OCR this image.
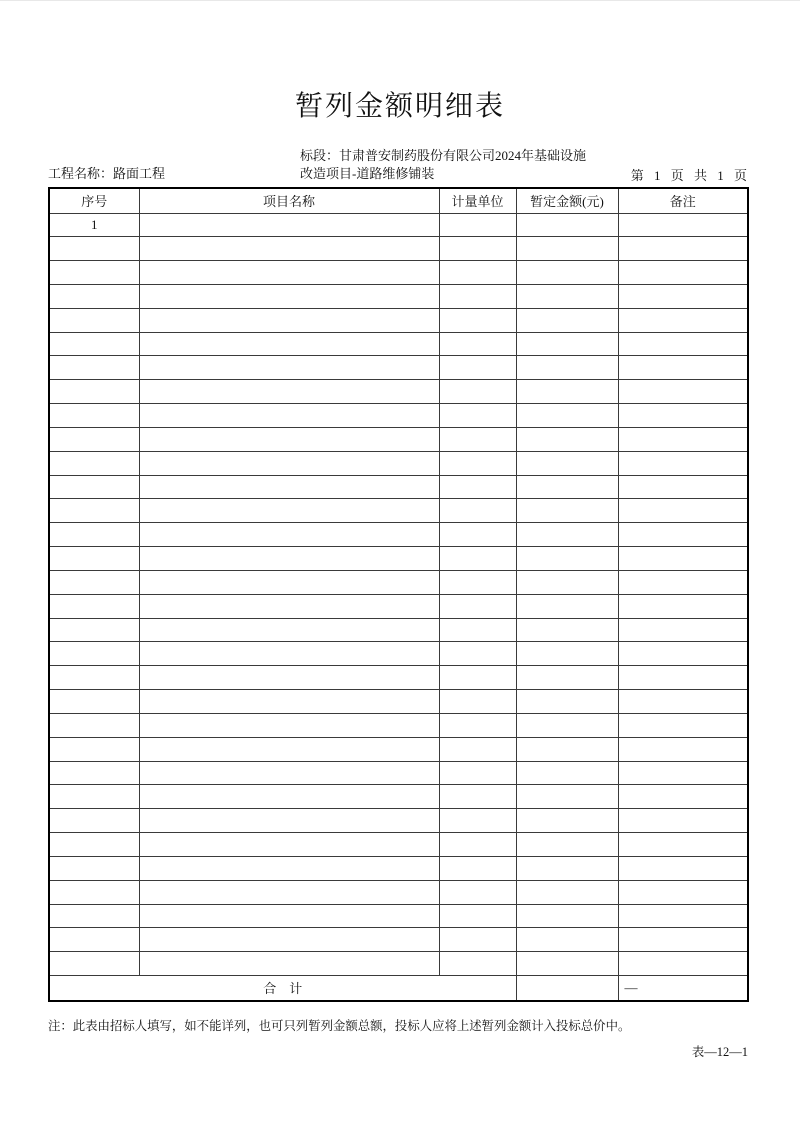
暂列金额明细表
工程名称：路面工程
标段：甘肃普安制药股份有限公司2024年基础设施改造项目-道路维修铺装	第 1 页 共 1 页
序号	项目名称	计量单位	暂定金额(元)	备注
1				

合　计				—
注：此表由招标人填写，如不能详列，也可只列暂列金额总额，投标人应将上述暂列金额计入投标总价中。
表—12—1
